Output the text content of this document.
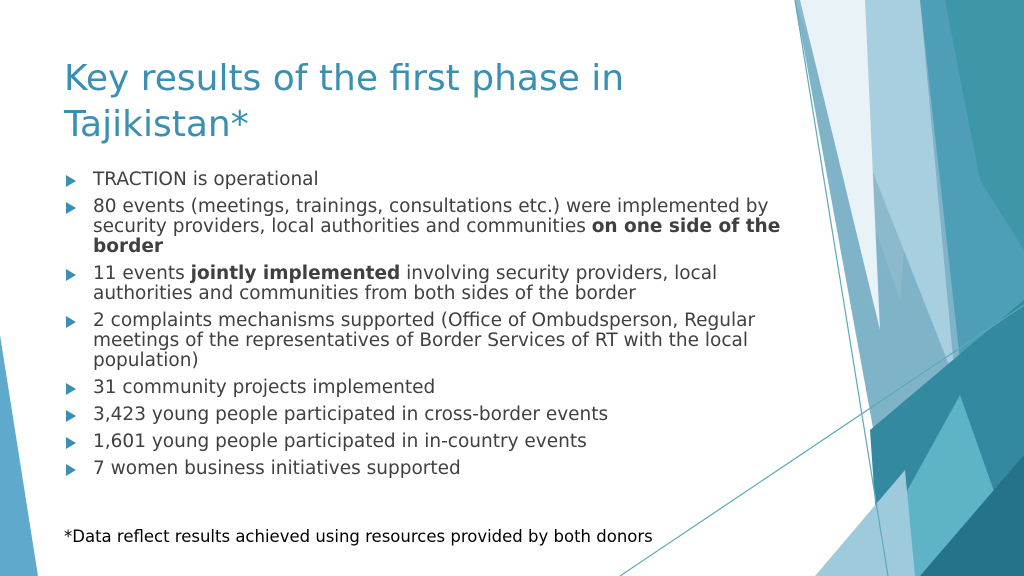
Key results of the first phase in
Tajikistan*
TRACTION is operational
80 events (meetings, trainings, consultations etc.) were implemented by security providers, local authorities and communities on one side of the border
11 events jointly implemented involving security providers, local authorities and communities from both sides of the border
2 complaints mechanisms supported (Office of Ombudsperson, Regular meetings of the representatives of Border Services of RT with the local population)
31 community projects implemented
3,423 young people participated in cross-border events
1,601 young people participated in in-country events
7 women business initiatives supported
*Data reflect results achieved using resources provided by both donors
